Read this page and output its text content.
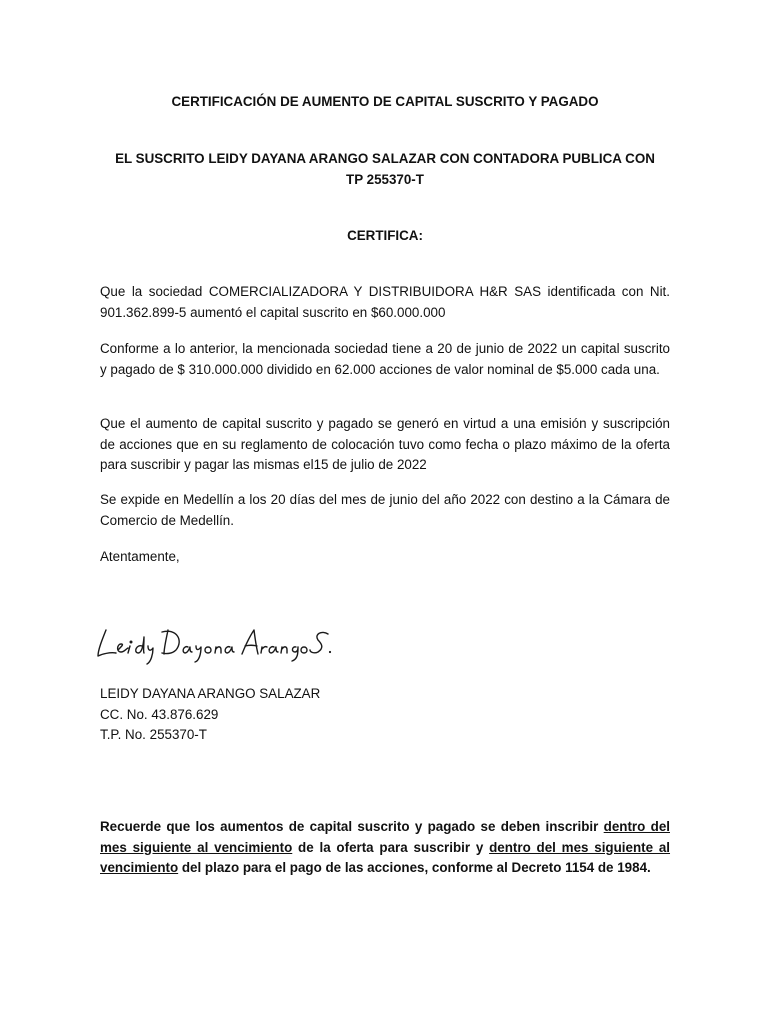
CERTIFICACIÓN DE AUMENTO DE CAPITAL SUSCRITO Y PAGADO
EL SUSCRITO LEIDY DAYANA ARANGO SALAZAR CON CONTADORA PUBLICA CON
TP 255370-T
CERTIFICA:
Que la sociedad COMERCIALIZADORA Y DISTRIBUIDORA H&R SAS identificada con Nit. 901.362.899-5 aumentó el capital suscrito en $60.000.000
Conforme a lo anterior, la mencionada sociedad tiene a 20 de junio de 2022 un capital suscrito y pagado de $ 310.000.000 dividido en 62.000 acciones de valor nominal de $5.000 cada una.
Que el aumento de capital suscrito y pagado se generó en virtud a una emisión y suscripción de acciones que en su reglamento de colocación tuvo como fecha o plazo máximo de la oferta para suscribir y pagar las mismas el15 de julio de 2022
Se expide en Medellín a los 20 días del mes de junio del año 2022 con destino a la Cámara de Comercio de Medellín.
Atentamente,
LEIDY DAYANA ARANGO SALAZAR
CC. No. 43.876.629
T.P. No. 255370-T
Recuerde que los aumentos de capital suscrito y pagado se deben inscribir dentro del mes siguiente al vencimiento de la oferta para suscribir y dentro del mes siguiente al vencimiento del plazo para el pago de las acciones, conforme al Decreto 1154 de 1984.
